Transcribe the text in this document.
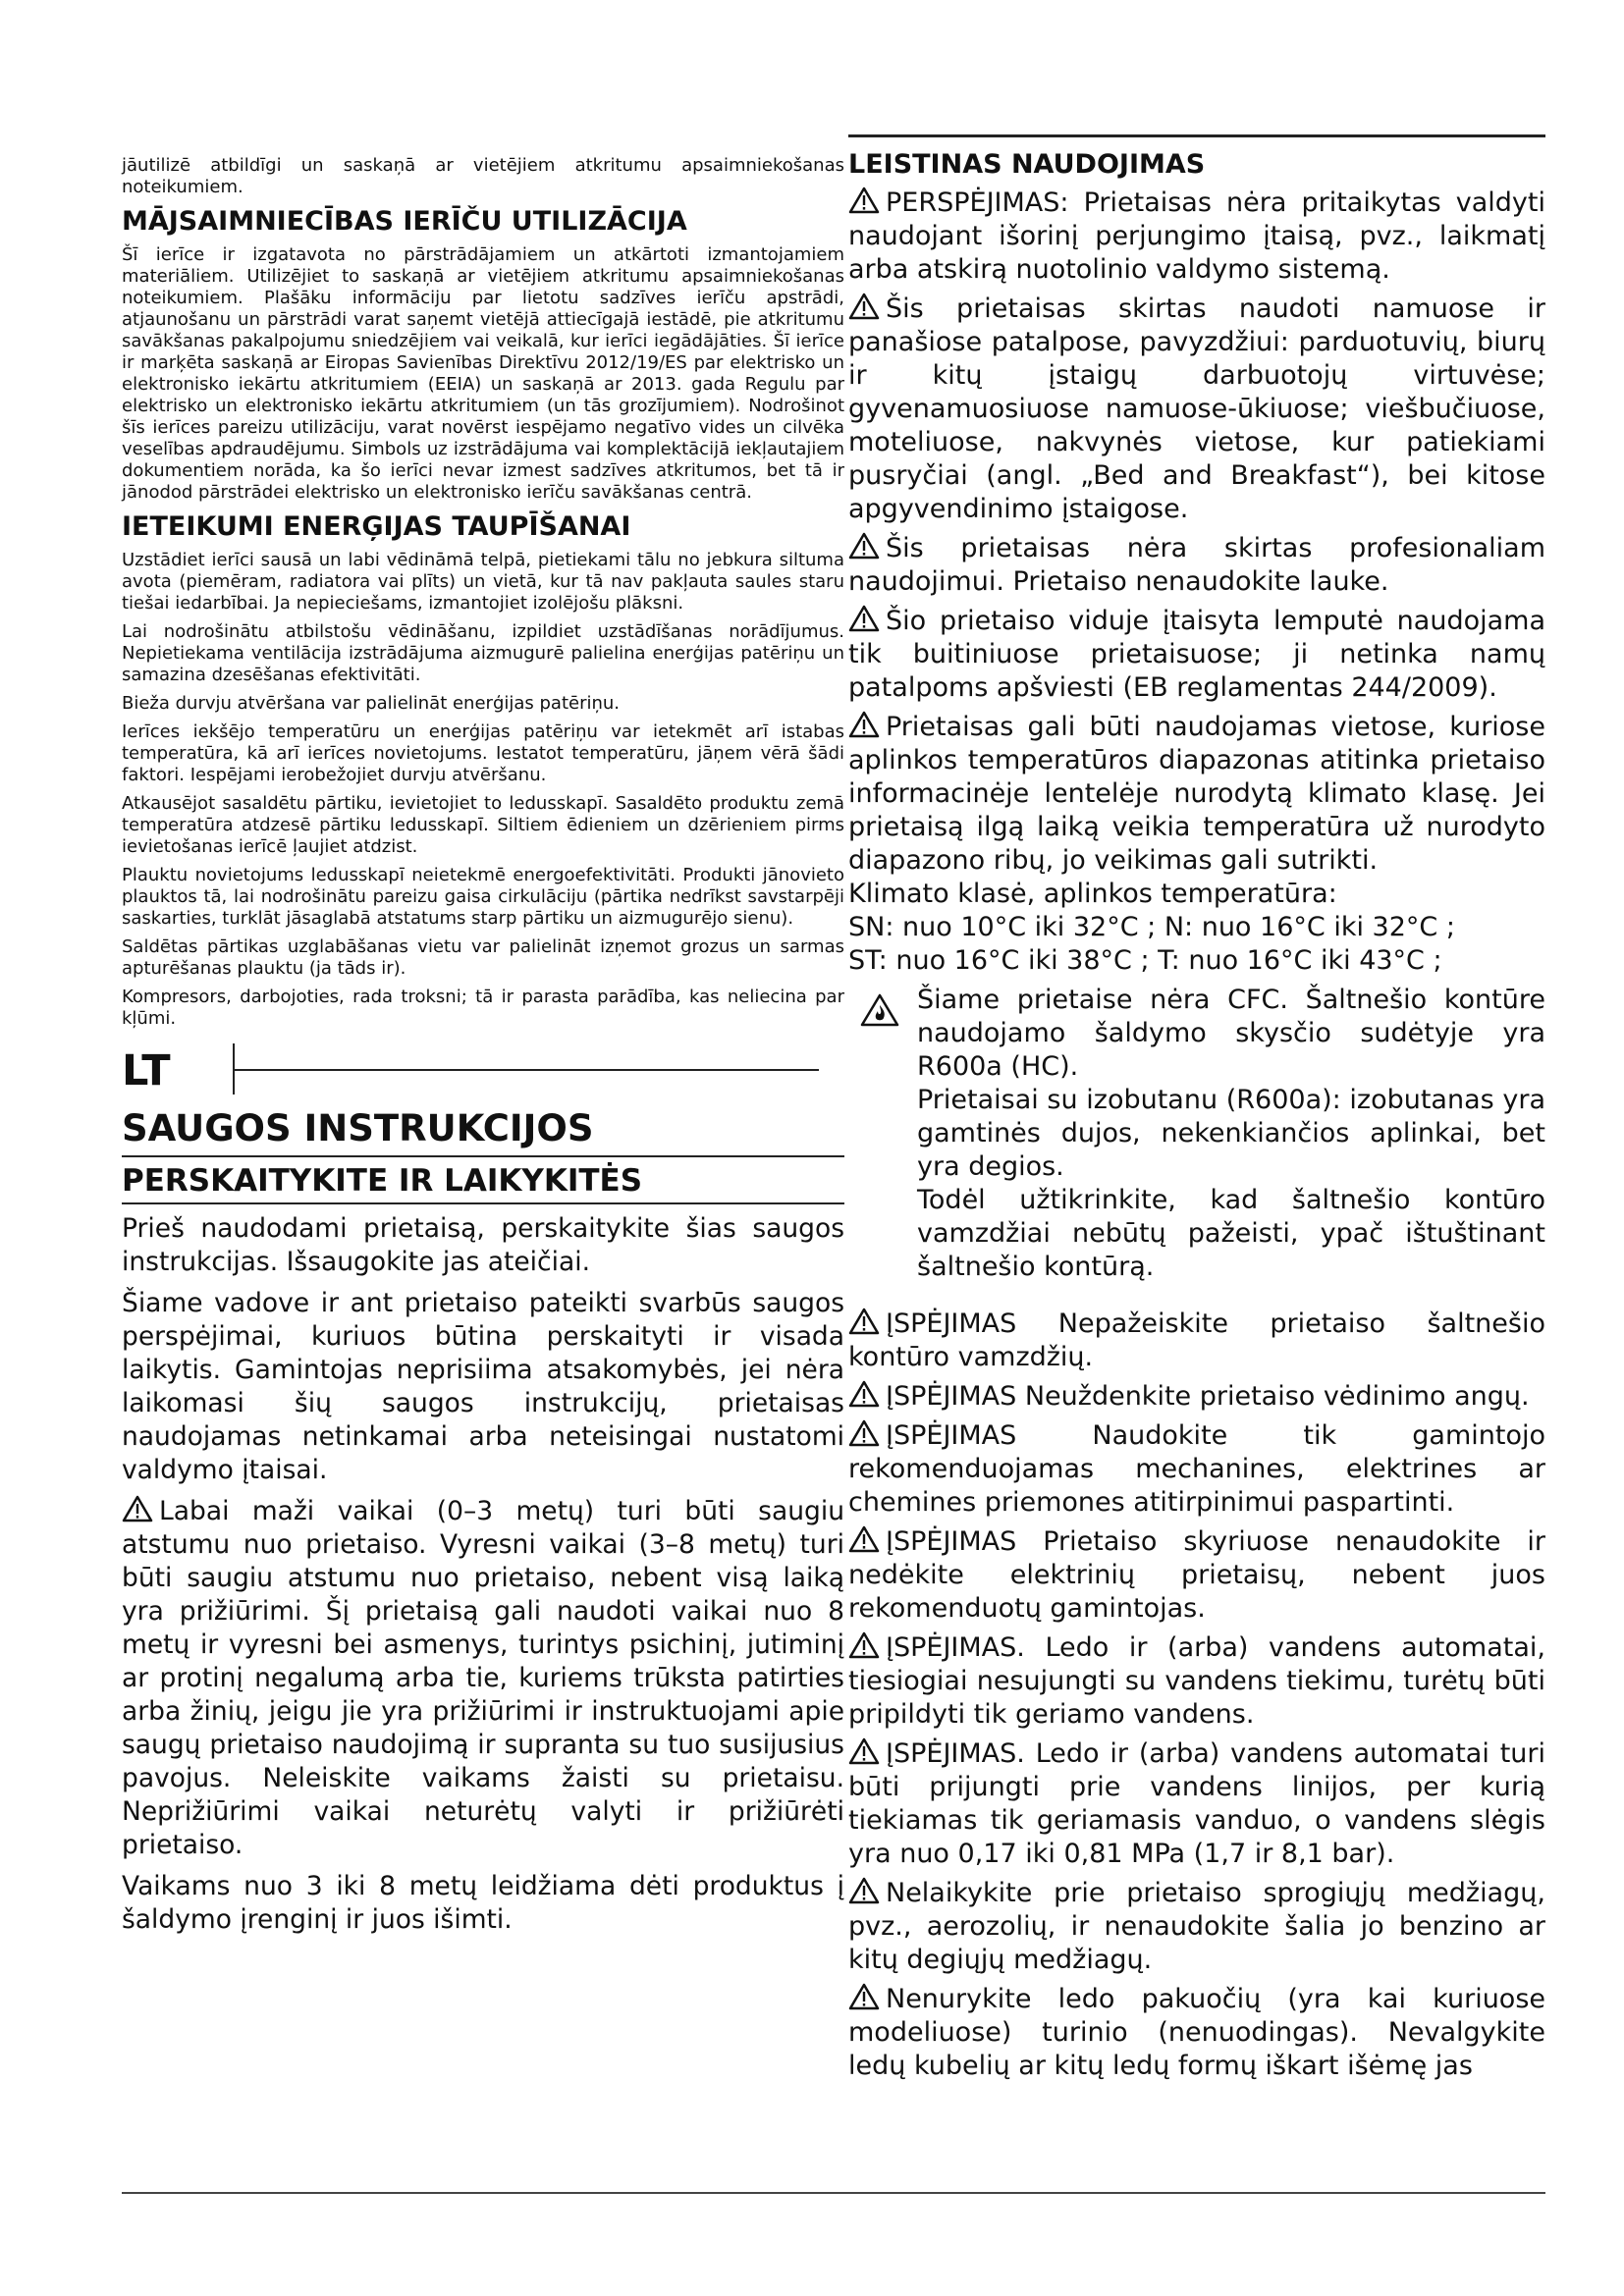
jāutilizē atbildīgi un saskaņā ar vietējiem atkritumu apsaimniekošanas noteikumiem.

MĀJSAIMNIECĪBAS IERĪČU UTILIZĀCIJA

Šī ierīce ir izgatavota no pārstrādājamiem un atkārtoti izmantojamiem materiāliem. Utilizējiet to saskaņā ar vietējiem atkritumu apsaimniekošanas noteikumiem. Plašāku informāciju par lietotu sadzīves ierīču apstrādi, atjaunošanu un pārstrādi varat saņemt vietējā attiecīgajā iestādē, pie atkritumu savākšanas pakalpojumu sniedzējiem vai veikalā, kur ierīci iegādājāties. Šī ierīce ir marķēta saskaņā ar Eiropas Savienības Direktīvu 2012/19/ES par elektrisko un elektronisko iekārtu atkritumiem (EEIA) un saskaņā ar 2013. gada Regulu par elektrisko un elektronisko iekārtu atkritumiem (un tās grozījumiem). Nodrošinot šīs ierīces pareizu utilizāciju, varat novērst iespējamo negatīvo vides un cilvēka veselības apdraudējumu. Simbols uz izstrādājuma vai komplektācijā iekļautajiem dokumentiem norāda, ka šo ierīci nevar izmest sadzīves atkritumos, bet tā ir jānodod pārstrādei elektrisko un elektronisko ierīču savākšanas centrā.

IETEIKUMI ENERĢIJAS TAUPĪŠANAI

Uzstādiet ierīci sausā un labi vēdināmā telpā, pietiekami tālu no jebkura siltuma avota (piemēram, radiatora vai plīts) un vietā, kur tā nav pakļauta saules staru tiešai iedarbībai. Ja nepieciešams, izmantojiet izolējošu plāksni.

Lai nodrošinātu atbilstošu vēdināšanu, izpildiet uzstādīšanas norādījumus. Nepietiekama ventilācija izstrādājuma aizmugurē palielina enerģijas patēriņu un samazina dzesēšanas efektivitāti.

Bieža durvju atvēršana var palielināt enerģijas patēriņu.

Ierīces iekšējo temperatūru un enerģijas patēriņu var ietekmēt arī istabas temperatūra, kā arī ierīces novietojums. Iestatot temperatūru, jāņem vērā šādi faktori. Iespējami ierobežojiet durvju atvēršanu.

Atkausējot sasaldētu pārtiku, ievietojiet to ledusskapī. Sasaldēto produktu zemā temperatūra atdzesē pārtiku ledusskapī. Siltiem ēdieniem un dzērieniem pirms ievietošanas ierīcē ļaujiet atdzist.

Plauktu novietojums ledusskapī neietekmē energoefektivitāti. Produkti jānovieto plauktos tā, lai nodrošinātu pareizu gaisa cirkulāciju (pārtika nedrīkst savstarpēji saskarties, turklāt jāsaglabā atstatums starp pārtiku un aizmugurējo sienu).

Saldētas pārtikas uzglabāšanas vietu var palielināt izņemot grozus un sarmas apturēšanas plauktu (ja tāds ir).

Kompresors, darbojoties, rada troksni; tā ir parasta parādība, kas neliecina par kļūmi.

LT
SAUGOS INSTRUKCIJOS
PERSKAITYKITE IR LAIKYKITĖS

Prieš naudodami prietaisą, perskaitykite šias saugos instrukcijas. Išsaugokite jas ateičiai.

Šiame vadove ir ant prietaiso pateikti svarbūs saugos perspėjimai, kuriuos būtina perskaityti ir visada laikytis. Gamintojas neprisiima atsakomybės, jei nėra laikomasi šių saugos instrukcijų, prietaisas naudojamas netinkamai arba neteisingai nustatomi valdymo įtaisai.

Labai maži vaikai (0–3 metų) turi būti saugiu atstumu nuo prietaiso. Vyresni vaikai (3–8 metų) turi būti saugiu atstumu nuo prietaiso, nebent visą laiką yra prižiūrimi. Šį prietaisą gali naudoti vaikai nuo 8 metų ir vyresni bei asmenys, turintys psichinį, jutiminį ar protinį negalumą arba tie, kuriems trūksta patirties arba žinių, jeigu jie yra prižiūrimi ir instruktuojami apie saugų prietaiso naudojimą ir supranta su tuo susijusius pavojus. Neleiskite vaikams žaisti su prietaisu. Neprižiūrimi vaikai neturėtų valyti ir prižiūrėti prietaiso.

Vaikams nuo 3 iki 8 metų leidžiama dėti produktus į šaldymo įrenginį ir juos išimti.

LEISTINAS NAUDOJIMAS

PERSPĖJIMAS: Prietaisas nėra pritaikytas valdyti naudojant išorinį perjungimo įtaisą, pvz., laikmatį arba atskirą nuotolinio valdymo sistemą.

Šis prietaisas skirtas naudoti namuose ir panašiose patalpose, pavyzdžiui: parduotuvių, biurų ir kitų įstaigų darbuotojų virtuvėse; gyvenamuosiuose namuose-ūkiuose; viešbučiuose, moteliuose, nakvynės vietose, kur patiekiami pusryčiai (angl. „Bed and Breakfast“), bei kitose apgyvendinimo įstaigose.

Šis prietaisas nėra skirtas profesionaliam naudojimui. Prietaiso nenaudokite lauke.

Šio prietaiso viduje įtaisyta lemputė naudojama tik buitiniuose prietaisuose; ji netinka namų patalpoms apšviesti (EB reglamentas 244/2009).

Prietaisas gali būti naudojamas vietose, kuriose aplinkos temperatūros diapazonas atitinka prietaiso informacinėje lentelėje nurodytą klimato klasę. Jei prietaisą ilgą laiką veikia temperatūra už nurodyto diapazono ribų, jo veikimas gali sutrikti.

Klimato klasė, aplinkos temperatūra:

SN: nuo 10°C iki 32°C ; N: nuo 16°C iki 32°C ;

ST: nuo 16°C iki 38°C ; T: nuo 16°C iki 43°C ;

Šiame prietaise nėra CFC. Šaltnešio kontūre naudojamo šaldymo skysčio sudėtyje yra R600a (HC).

Prietaisai su izobutanu (R600a): izobutanas yra gamtinės dujos, nekenkiančios aplinkai, bet yra degios.

Todėl užtikrinkite, kad šaltnešio kontūro vamzdžiai nebūtų pažeisti, ypač ištuštinant šaltnešio kontūrą.

ĮSPĖJIMAS Nepažeiskite prietaiso šaltnešio kontūro vamzdžių.

ĮSPĖJIMAS Neuždenkite prietaiso vėdinimo angų.

ĮSPĖJIMAS Naudokite tik gamintojo rekomenduojamas mechanines, elektrines ar chemines priemones atitirpinimui paspartinti.

ĮSPĖJIMAS Prietaiso skyriuose nenaudokite ir nedėkite elektrinių prietaisų, nebent juos rekomenduotų gamintojas.

ĮSPĖJIMAS. Ledo ir (arba) vandens automatai, tiesiogiai nesujungti su vandens tiekimu, turėtų būti pripildyti tik geriamo vandens.

ĮSPĖJIMAS. Ledo ir (arba) vandens automatai turi būti prijungti prie vandens linijos, per kurią tiekiamas tik geriamasis vanduo, o vandens slėgis yra nuo 0,17 iki 0,81 MPa (1,7 ir 8,1 bar).

Nelaikykite prie prietaiso sprogiųjų medžiagų, pvz., aerozolių, ir nenaudokite šalia jo benzino ar kitų degiųjų medžiagų.

Nenurykite ledo pakuočių (yra kai kuriuose modeliuose) turinio (nenuodingas). Nevalgykite ledų kubelių ar kitų ledų formų iškart išėmę jas
